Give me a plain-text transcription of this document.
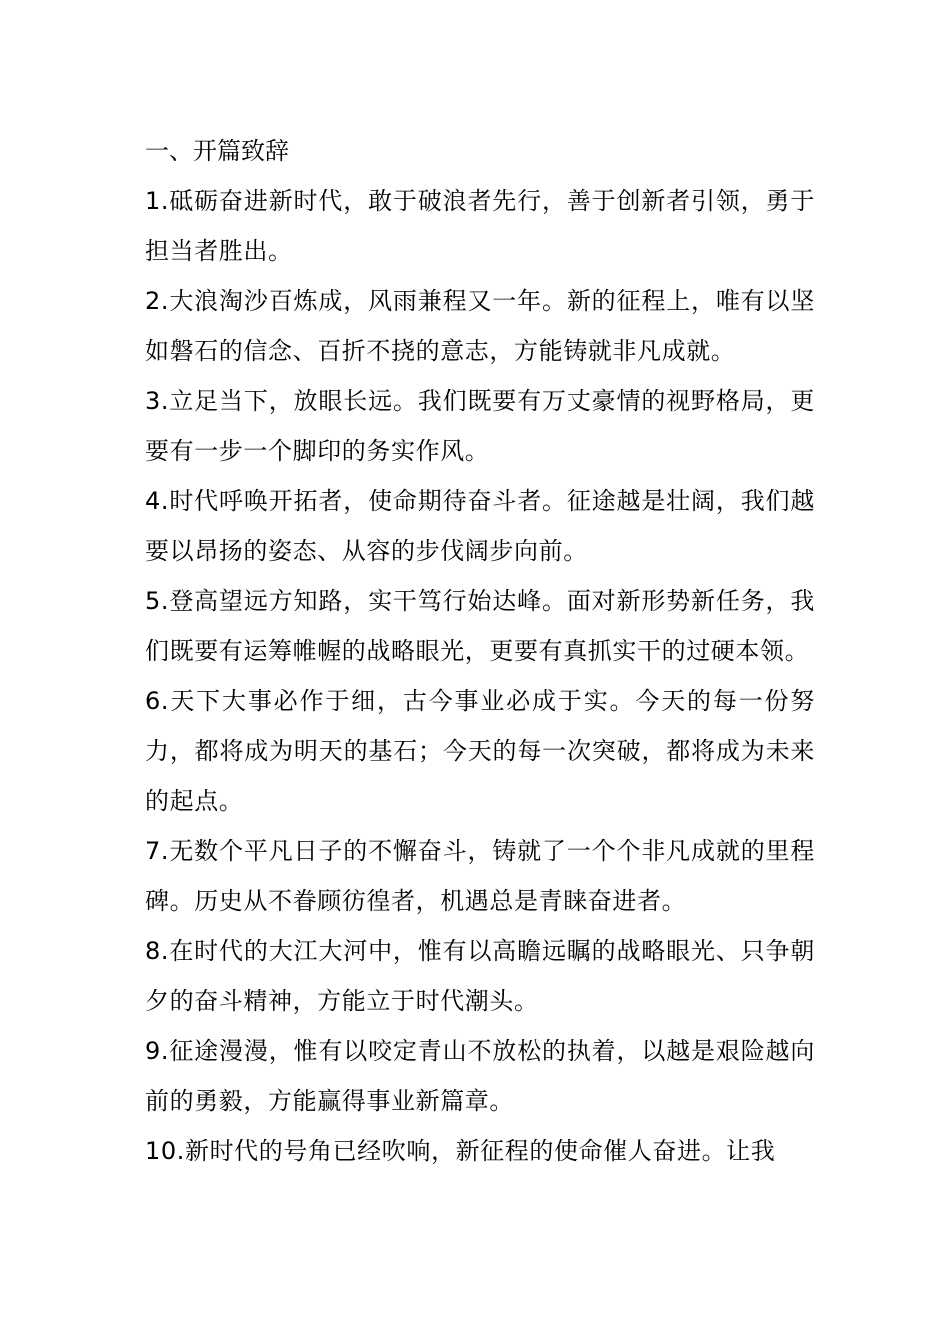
一、开篇致辞

1.砥砺奋进新时代，敢于破浪者先行，善于创新者引领，勇于担当者胜出。

2.大浪淘沙百炼成，风雨兼程又一年。新的征程上，唯有以坚如磐石的信念、百折不挠的意志，方能铸就非凡成就。

3.立足当下，放眼长远。我们既要有万丈豪情的视野格局，更要有一步一个脚印的务实作风。

4.时代呼唤开拓者，使命期待奋斗者。征途越是壮阔，我们越要以昂扬的姿态、从容的步伐阔步向前。

5.登高望远方知路，实干笃行始达峰。面对新形势新任务，我们既要有运筹帷幄的战略眼光，更要有真抓实干的过硬本领。

6.天下大事必作于细，古今事业必成于实。今天的每一份努力，都将成为明天的基石；今天的每一次突破，都将成为未来的起点。

7.无数个平凡日子的不懈奋斗，铸就了一个个非凡成就的里程碑。历史从不眷顾彷徨者，机遇总是青睐奋进者。

8.在时代的大江大河中，惟有以高瞻远瞩的战略眼光、只争朝夕的奋斗精神，方能立于时代潮头。

9.征途漫漫，惟有以咬定青山不放松的执着，以越是艰险越向前的勇毅，方能赢得事业新篇章。

10.新时代的号角已经吹响，新征程的使命催人奋进。让我
